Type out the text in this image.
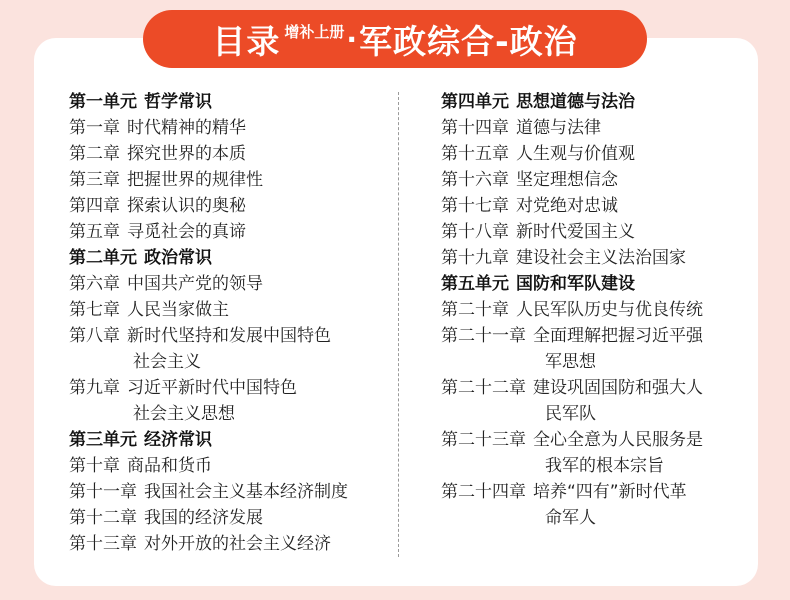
目录 增补上册 · 军政综合-政治
第一单元 哲学常识
第一章 时代精神的精华
第二章 探究世界的本质
第三章 把握世界的规律性
第四章 探索认识的奥秘
第五章 寻觅社会的真谛
第二单元 政治常识
第六章 中国共产党的领导
第七章 人民当家做主
第八章 新时代坚持和发展中国特色
社会主义
第九章 习近平新时代中国特色
社会主义思想
第三单元 经济常识
第十章 商品和货币
第十一章 我国社会主义基本经济制度
第十二章 我国的经济发展
第十三章 对外开放的社会主义经济
第四单元 思想道德与法治
第十四章 道德与法律
第十五章 人生观与价值观
第十六章 坚定理想信念
第十七章 对党绝对忠诚
第十八章 新时代爱国主义
第十九章 建设社会主义法治国家
第五单元 国防和军队建设
第二十章 人民军队历史与优良传统
第二十一章 全面理解把握习近平强
军思想
第二十二章 建设巩固国防和强大人
民军队
第二十三章 全心全意为人民服务是
我军的根本宗旨
第二十四章 培养“四有”新时代革
命军人
